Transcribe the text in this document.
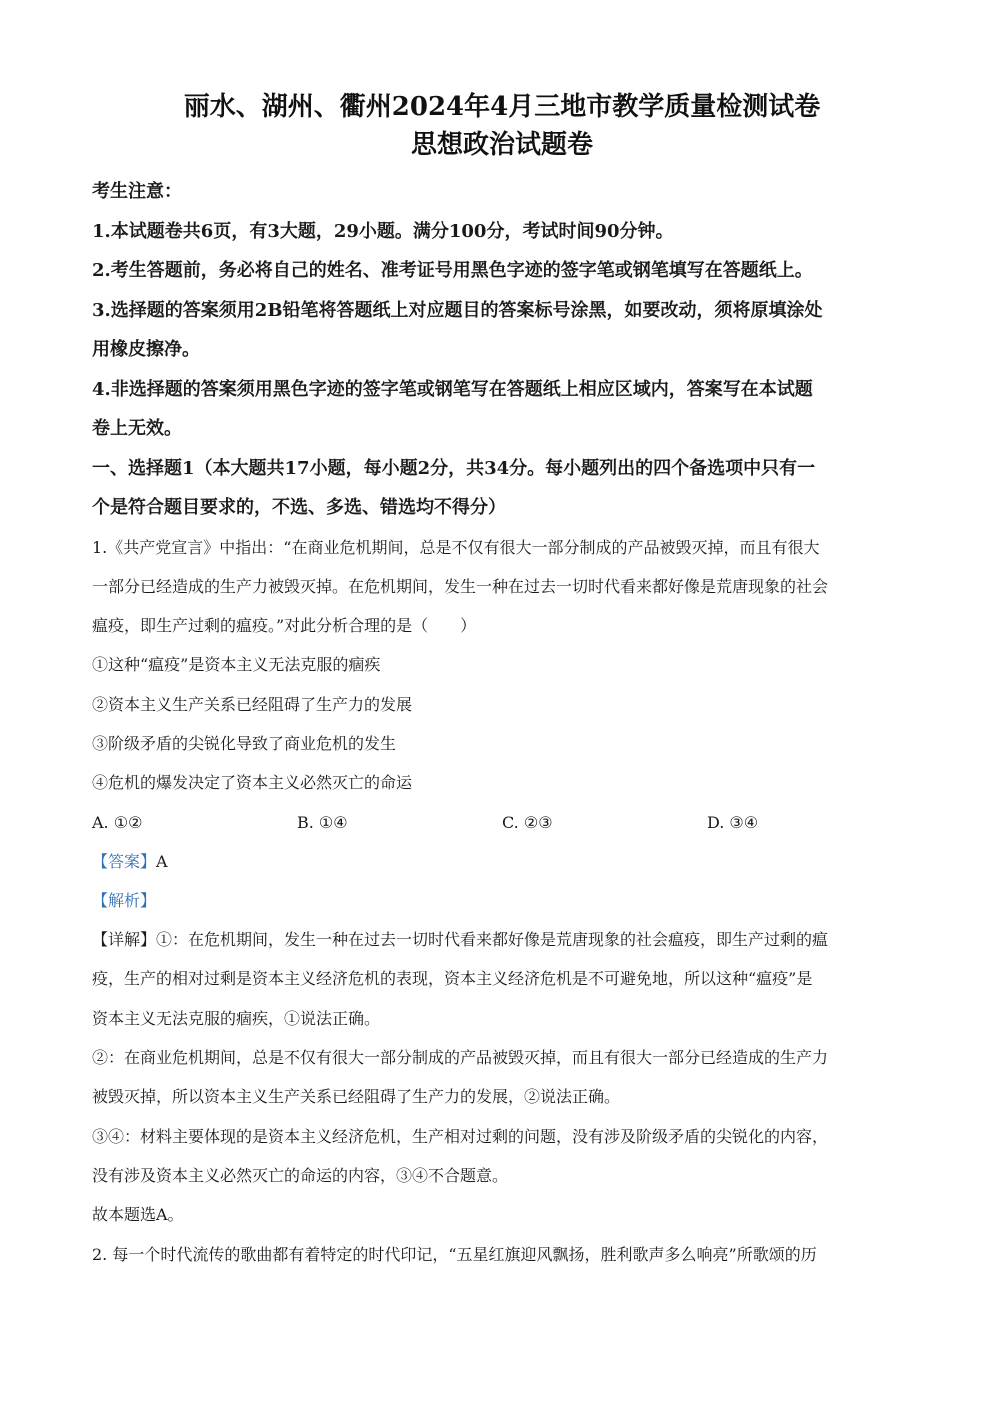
丽水、湖州、衢州2024年4月三地市教学质量检测试卷
思想政治试题卷

考生注意：

1.本试题卷共6页，有3大题，29小题。满分100分，考试时间90分钟。

2.考生答题前，务必将自己的姓名、准考证号用黑色字迹的签字笔或钢笔填写在答题纸上。

3.选择题的答案须用2B铅笔将答题纸上对应题目的答案标号涂黑，如要改动，须将原填涂处

用橡皮擦净。

4.非选择题的答案须用黑色字迹的签字笔或钢笔写在答题纸上相应区域内，答案写在本试题

卷上无效。

一、选择题1（本大题共17小题，每小题2分，共34分。每小题列出的四个备选项中只有一

个是符合题目要求的，不选、多选、错选均不得分）

1.《共产党宣言》中指出：“在商业危机期间，总是不仅有很大一部分制成的产品被毁灭掉，而且有很大

一部分已经造成的生产力被毁灭掉。在危机期间，发生一种在过去一切时代看来都好像是荒唐现象的社会

瘟疫，即生产过剩的瘟疫。”对此分析合理的是（　　）

①这种“瘟疫”是资本主义无法克服的痼疾

②资本主义生产关系已经阻碍了生产力的发展

③阶级矛盾的尖锐化导致了商业危机的发生

④危机的爆发决定了资本主义必然灭亡的命运

A. ①②	B. ①④	C. ②③	D. ③④

【答案】A

【解析】

【详解】①：在危机期间，发生一种在过去一切时代看来都好像是荒唐现象的社会瘟疫，即生产过剩的瘟

疫，生产的相对过剩是资本主义经济危机的表现，资本主义经济危机是不可避免地，所以这种“瘟疫”是

资本主义无法克服的痼疾，①说法正确。

②：在商业危机期间，总是不仅有很大一部分制成的产品被毁灭掉，而且有很大一部分已经造成的生产力

被毁灭掉，所以资本主义生产关系已经阻碍了生产力的发展，②说法正确。

③④：材料主要体现的是资本主义经济危机，生产相对过剩的问题，没有涉及阶级矛盾的尖锐化的内容，

没有涉及资本主义必然灭亡的命运的内容，③④不合题意。

故本题选A。

2. 每一个时代流传的歌曲都有着特定的时代印记，“五星红旗迎风飘扬，胜利歌声多么响亮”所歌颂的历
